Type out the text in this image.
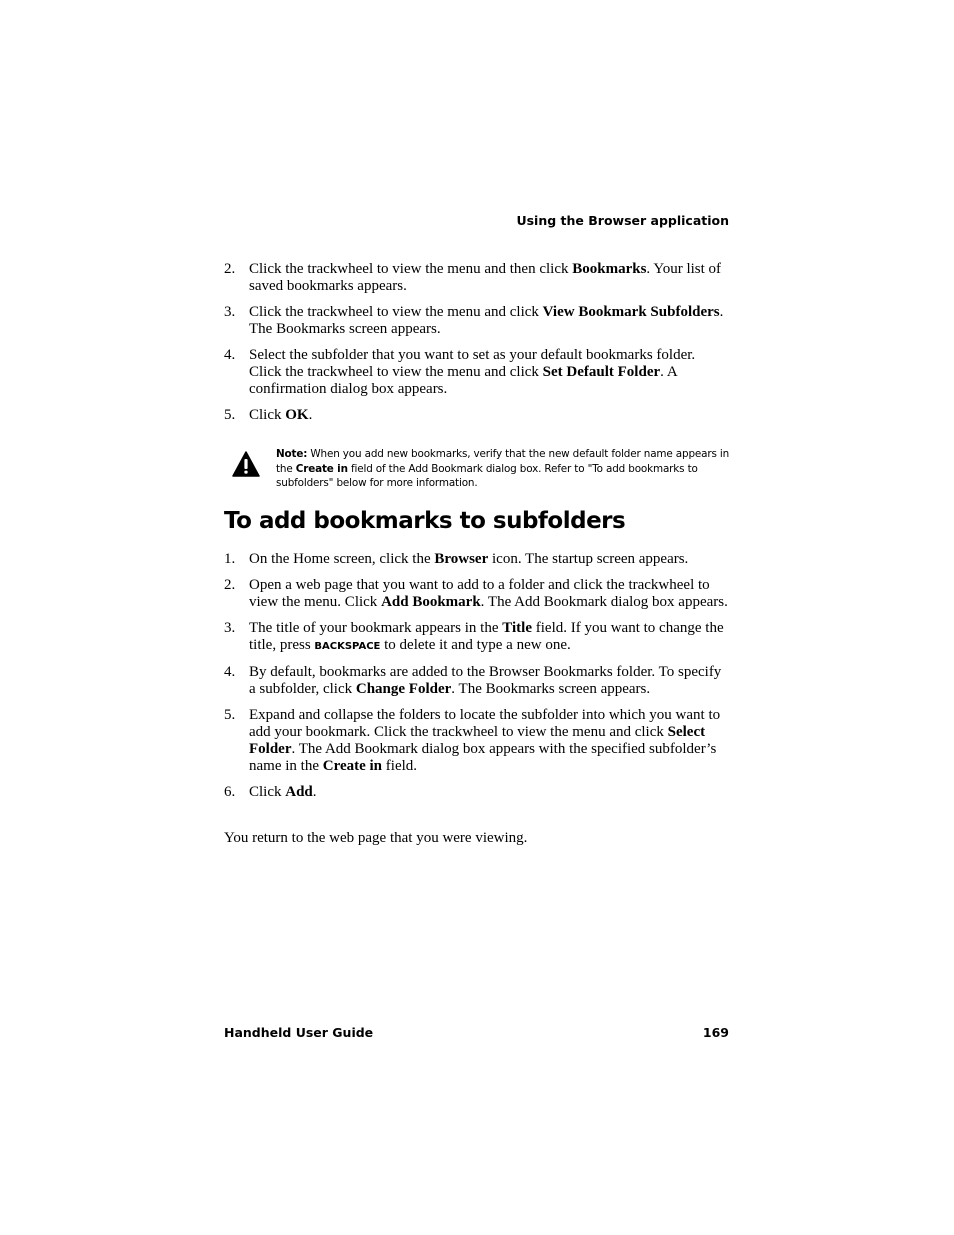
Using the Browser application
2. Click the trackwheel to view the menu and then click Bookmarks. Your list of saved bookmarks appears.
3. Click the trackwheel to view the menu and click View Bookmark Subfolders. The Bookmarks screen appears.
4. Select the subfolder that you want to set as your default bookmarks folder. Click the trackwheel to view the menu and click Set Default Folder. A confirmation dialog box appears.
5. Click OK.
Note: When you add new bookmarks, verify that the new default folder name appears in the Create in field of the Add Bookmark dialog box. Refer to "To add bookmarks to subfolders" below for more information.
To add bookmarks to subfolders
1. On the Home screen, click the Browser icon. The startup screen appears.
2. Open a web page that you want to add to a folder and click the trackwheel to view the menu. Click Add Bookmark. The Add Bookmark dialog box appears.
3. The title of your bookmark appears in the Title field. If you want to change the title, press BACKSPACE to delete it and type a new one.
4. By default, bookmarks are added to the Browser Bookmarks folder. To specify a subfolder, click Change Folder. The Bookmarks screen appears.
5. Expand and collapse the folders to locate the subfolder into which you want to add your bookmark. Click the trackwheel to view the menu and click Select Folder. The Add Bookmark dialog box appears with the specified subfolder’s name in the Create in field.
6. Click Add.
You return to the web page that you were viewing.
Handheld User Guide	169
